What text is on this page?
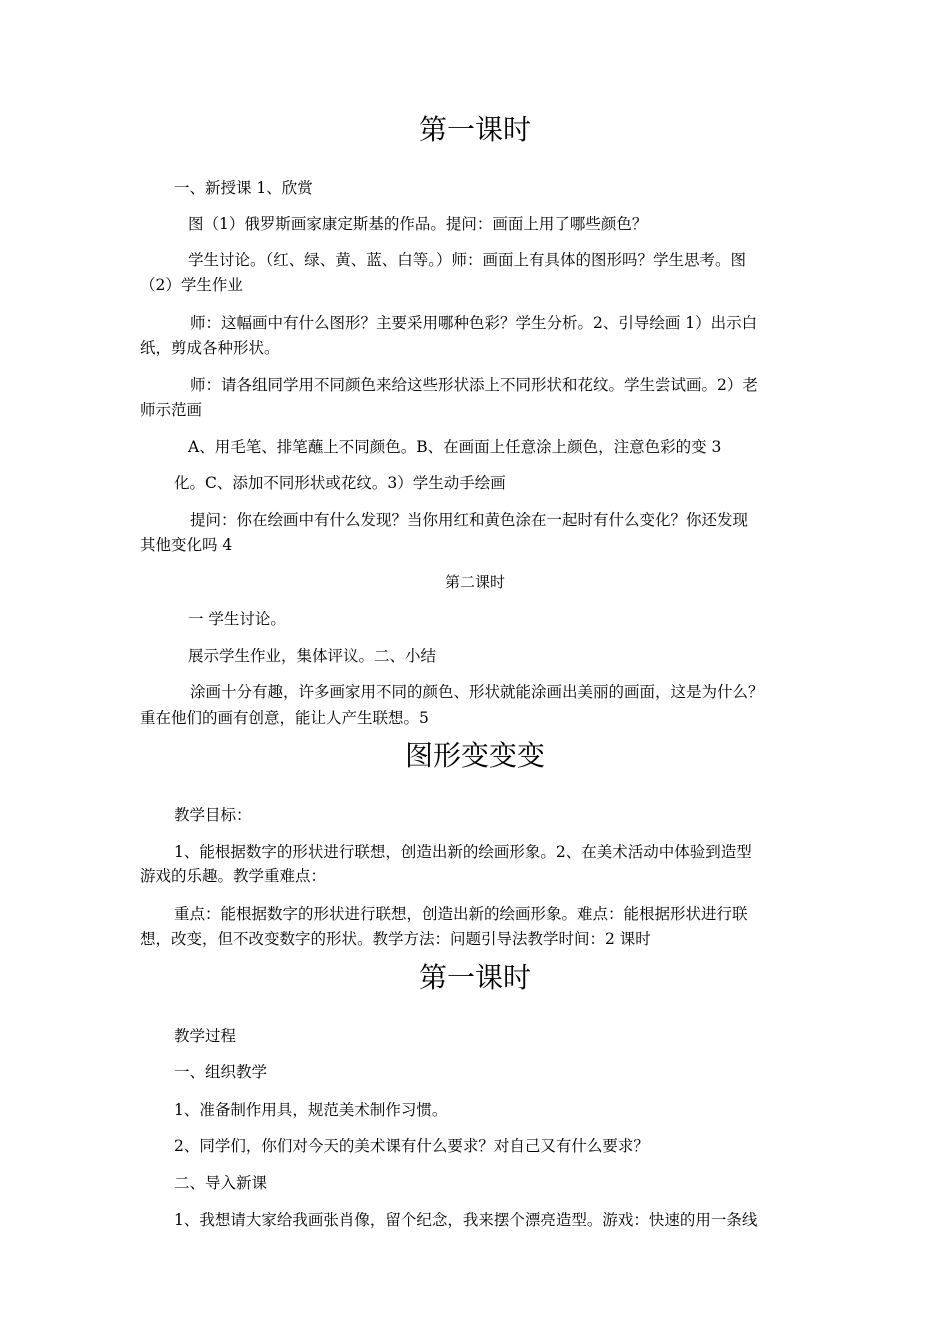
第一课时
一、新授课 1、欣赏
图（1）俄罗斯画家康定斯基的作品。提问：画面上用了哪些颜色？
学生讨论。（红、绿、黄、蓝、白等。）师：画面上有具体的图形吗？学生思考。图
（2）学生作业
师：这幅画中有什么图形？主要采用哪种色彩？学生分析。2、引导绘画 1）出示白
纸，剪成各种形状。
师：请各组同学用不同颜色来给这些形状添上不同形状和花纹。学生尝试画。2）老
师示范画
A、用毛笔、排笔蘸上不同颜色。B、在画面上任意涂上颜色，注意色彩的变 3
化。C、添加不同形状或花纹。3）学生动手绘画
提问：你在绘画中有什么发现？当你用红和黄色涂在一起时有什么变化？你还发现
其他变化吗 4
第二课时
一 学生讨论。
展示学生作业，集体评议。二、小结
涂画十分有趣，许多画家用不同的颜色、形状就能涂画出美丽的画面，这是为什么？
重在他们的画有创意，能让人产生联想。5
图形变变变
教学目标：
1、能根据数字的形状进行联想，创造出新的绘画形象。2、在美术活动中体验到造型
游戏的乐趣。教学重难点：
重点：能根据数字的形状进行联想，创造出新的绘画形象。难点：能根据形状进行联
想，改变，但不改变数字的形状。教学方法：问题引导法教学时间：2 课时
第一课时
教学过程
一、组织教学
1、准备制作用具，规范美术制作习惯。
2、同学们，你们对今天的美术课有什么要求？对自己又有什么要求？
二、导入新课
1、我想请大家给我画张肖像，留个纪念，我来摆个漂亮造型。游戏：快速的用一条线
